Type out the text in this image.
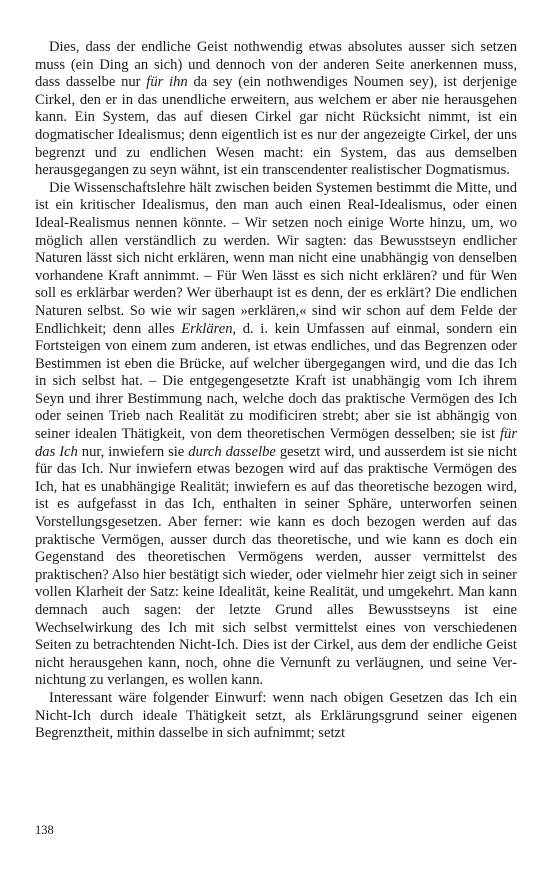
Dies, dass der endliche Geist nothwendig etwas absolutes ausser sich setzen muss (ein Ding an sich) und dennoch von der anderen Seite anerkennen muss, dass dasselbe nur für ihn da sey (ein nothwendiges Noumen sey), ist derjenige Cirkel, den er in das unendliche erweitern, aus welchem er aber nie herausgehen kann. Ein System, das auf diesen Cirkel gar nicht Rücksicht nimmt, ist ein dogmatischer Idealismus; denn eigentlich ist es nur der angezeigte Cirkel, der uns begrenzt und zu endlichen Wesen macht: ein System, das aus demselben herausgegangen zu seyn wähnt, ist ein transcendenter realistischer Dogmatismus.

Die Wissenschaftslehre hält zwischen beiden Systemen bestimmt die Mitte, und ist ein kritischer Idealismus, den man auch einen Real-Idealismus, oder einen Ideal-Realismus nennen könnte. – Wir setzen noch einige Worte hinzu, um, wo möglich allen verständlich zu werden. Wir sagten: das Bewusstseyn endlicher Naturen lässt sich nicht erklären, wenn man nicht eine unabhängig von denselben vorhandene Kraft annimmt. – Für Wen lässt es sich nicht erklären? und für Wen soll es erklärbar werden? Wer überhaupt ist es denn, der es erklärt? Die endlichen Naturen selbst. So wie wir sagen »erklären,« sind wir schon auf dem Felde der Endlichkeit; denn alles Erklären, d. i. kein Umfassen auf einmal, sondern ein Fortsteigen von einem zum anderen, ist etwas endliches, und das Begrenzen oder Bestimmen ist eben die Brücke, auf welcher übergegangen wird, und die das Ich in sich selbst hat. – Die entgegengesetzte Kraft ist unabhängig vom Ich ihrem Seyn und ihrer Bestimmung nach, welche doch das praktische Vermögen des Ich oder seinen Trieb nach Realität zu modificiren strebt; aber sie ist abhängig von seiner idealen Thätigkeit, von dem theoretischen Vermögen desselben; sie ist für das Ich nur, inwiefern sie durch dasselbe gesetzt wird, und ausserdem ist sie nicht für das Ich. Nur inwiefern etwas bezogen wird auf das praktische Vermögen des Ich, hat es unabhängige Realität; inwiefern es auf das theoretische bezogen wird, ist es aufgefasst in das Ich, enthalten in seiner Sphäre, unterworfen seinen Vorstellungsgesetzen. Aber ferner: wie kann es doch bezogen werden auf das praktische Vermögen, ausser durch das theoretische, und wie kann es doch ein Gegenstand des theoretischen Vermögens werden, ausser vermittelst des praktischen? Also hier bestätigt sich wieder, oder vielmehr hier zeigt sich in seiner vollen Klarheit der Satz: keine Idealität, keine Realität, und umgekehrt. Man kann demnach auch sagen: der letzte Grund alles Bewusstseyns ist eine Wechselwirkung des Ich mit sich selbst vermittelst eines von verschiedenen Seiten zu betrachtenden Nicht-Ich. Dies ist der Cirkel, aus dem der endliche Geist nicht herausgehen kann, noch, ohne die Vernunft zu verläugnen, und seine Vernichtung zu verlangen, es wollen kann.

Interessant wäre folgender Einwurf: wenn nach obigen Gesetzen das Ich ein Nicht-Ich durch ideale Thätigkeit setzt, als Erklärungsgrund seiner eigenen Begrenztheit, mithin dasselbe in sich aufnimmt; setzt

138
